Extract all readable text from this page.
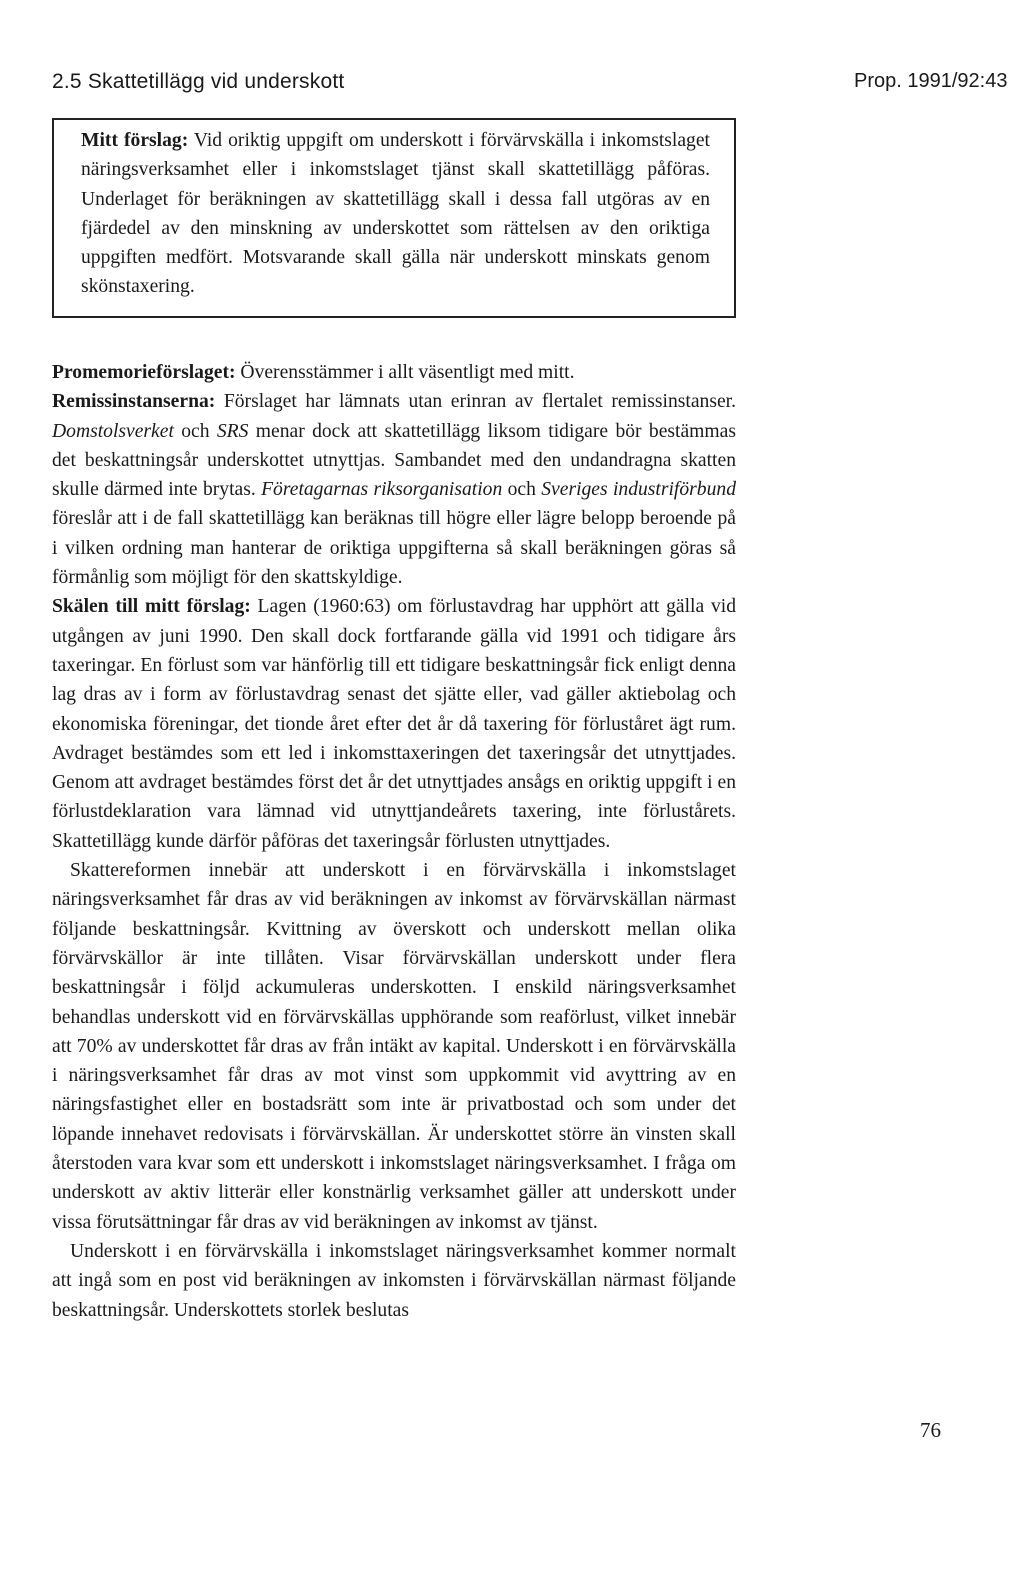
2.5 Skattetillägg vid underskott	Prop. 1991/92:43

Mitt förslag: Vid oriktig uppgift om underskott i förvärvskälla i inkomstslaget näringsverksamhet eller i inkomstslaget tjänst skall skattetillägg påföras. Underlaget för beräkningen av skattetillägg skall i dessa fall utgöras av en fjärdedel av den minskning av underskottet som rättelsen av den oriktiga uppgiften medfört. Motsvarande skall gälla när underskott minskats genom skönstaxering.

Promemorieförslaget: Överensstämmer i allt väsentligt med mitt.

Remissinstanserna: Förslaget har lämnats utan erinran av flertalet remissinstanser. Domstolsverket och SRS menar dock att skattetillägg liksom tidigare bör bestämmas det beskattningsår underskottet utnyttjas. Sambandet med den undandragna skatten skulle därmed inte brytas. Företagarnas riksorganisation och Sveriges industriförbund föreslår att i de fall skattetillägg kan beräknas till högre eller lägre belopp beroende på i vilken ordning man hanterar de oriktiga uppgifterna så skall beräkningen göras så förmånlig som möjligt för den skattskyldige.

Skälen till mitt förslag: Lagen (1960:63) om förlustavdrag har upphört att gälla vid utgången av juni 1990. Den skall dock fortfarande gälla vid 1991 och tidigare års taxeringar. En förlust som var hänförlig till ett tidigare beskattningsår fick enligt denna lag dras av i form av förlustavdrag senast det sjätte eller, vad gäller aktiebolag och ekonomiska föreningar, det tionde året efter det år då taxering för förluståret ägt rum. Avdraget bestämdes som ett led i inkomsttaxeringen det taxeringsår det utnyttjades. Genom att avdraget bestämdes först det år det utnyttjades ansågs en oriktig uppgift i en förlustdeklaration vara lämnad vid utnyttjandeårets taxering, inte förlustårets. Skattetillägg kunde därför påföras det taxeringsår förlusten utnyttjades.

Skattereformen innebär att underskott i en förvärvskälla i inkomstslaget näringsverksamhet får dras av vid beräkningen av inkomst av förvärvskällan närmast följande beskattningsår. Kvittning av överskott och underskott mellan olika förvärvskällor är inte tillåten. Visar förvärvskällan underskott under flera beskattningsår i följd ackumuleras underskotten. I enskild näringsverksamhet behandlas underskott vid en förvärvskällas upphörande som reaförlust, vilket innebär att 70% av underskottet får dras av från intäkt av kapital. Underskott i en förvärvskälla i näringsverksamhet får dras av mot vinst som uppkommit vid avyttring av en näringsfastighet eller en bostadsrätt som inte är privatbostad och som under det löpande innehavet redovisats i förvärvskällan. Är underskottet större än vinsten skall återstoden vara kvar som ett underskott i inkomstslaget näringsverksamhet. I fråga om underskott av aktiv litterär eller konstnärlig verksamhet gäller att underskott under vissa förutsättningar får dras av vid beräkningen av inkomst av tjänst.

Underskott i en förvärvskälla i inkomstslaget näringsverksamhet kommer normalt att ingå som en post vid beräkningen av inkomsten i förvärvskällan närmast följande beskattningsår. Underskottets storlek beslutas

76
